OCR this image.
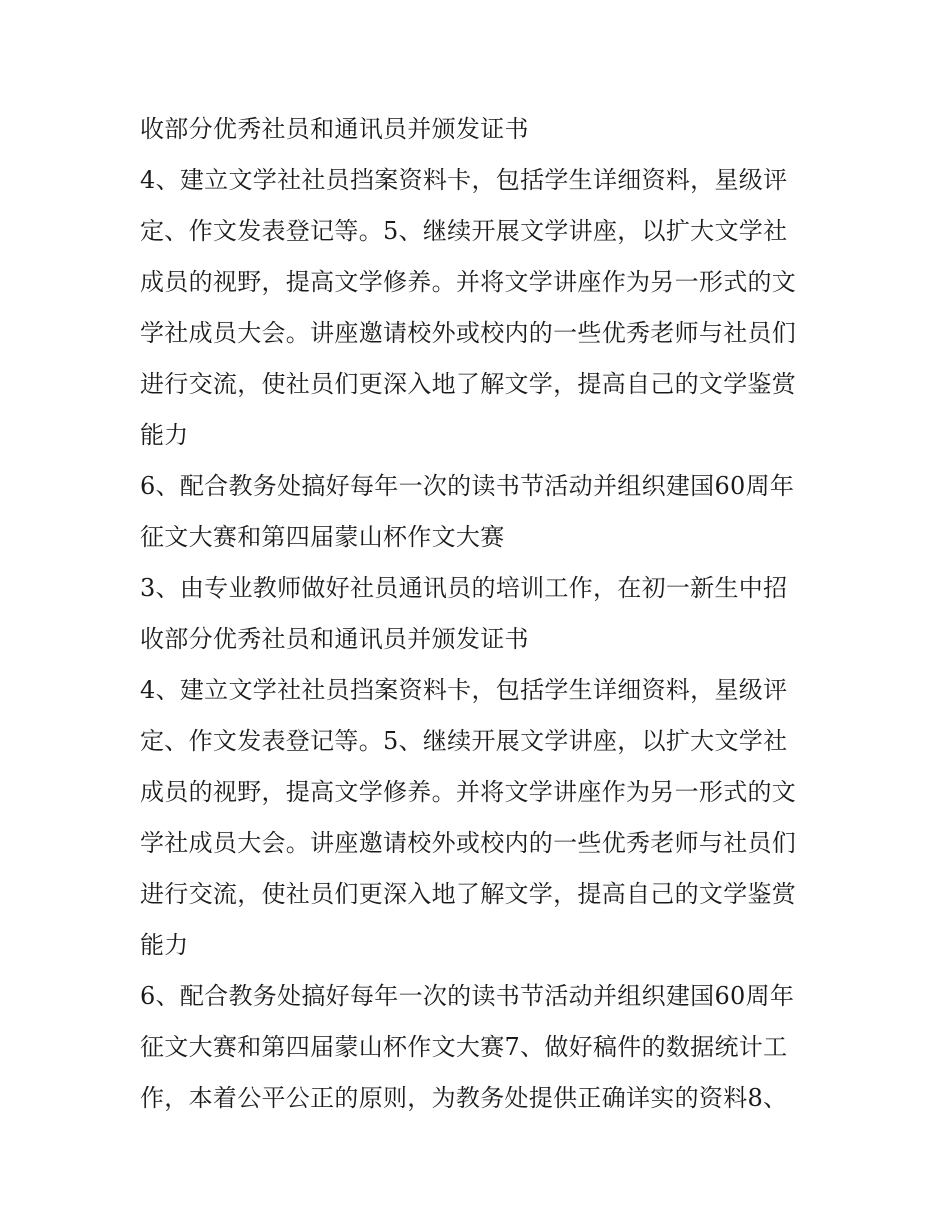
收部分优秀社员和通讯员并颁发证书
4、建立文学社社员挡案资料卡，包括学生详细资料，星级评
定、作文发表登记等。5、继续开展文学讲座，以扩大文学社
成员的视野，提高文学修养。并将文学讲座作为另一形式的文
学社成员大会。讲座邀请校外或校内的一些优秀老师与社员们
进行交流，使社员们更深入地了解文学，提高自己的文学鉴赏
能力
6、配合教务处搞好每年一次的读书节活动并组织建国60周年
征文大赛和第四届蒙山杯作文大赛
3、由专业教师做好社员通讯员的培训工作，在初一新生中招
收部分优秀社员和通讯员并颁发证书
4、建立文学社社员挡案资料卡，包括学生详细资料，星级评
定、作文发表登记等。5、继续开展文学讲座，以扩大文学社
成员的视野，提高文学修养。并将文学讲座作为另一形式的文
学社成员大会。讲座邀请校外或校内的一些优秀老师与社员们
进行交流，使社员们更深入地了解文学，提高自己的文学鉴赏
能力
6、配合教务处搞好每年一次的读书节活动并组织建国60周年
征文大赛和第四届蒙山杯作文大赛7、做好稿件的数据统计工
作，本着公平公正的原则，为教务处提供正确详实的资料8、
